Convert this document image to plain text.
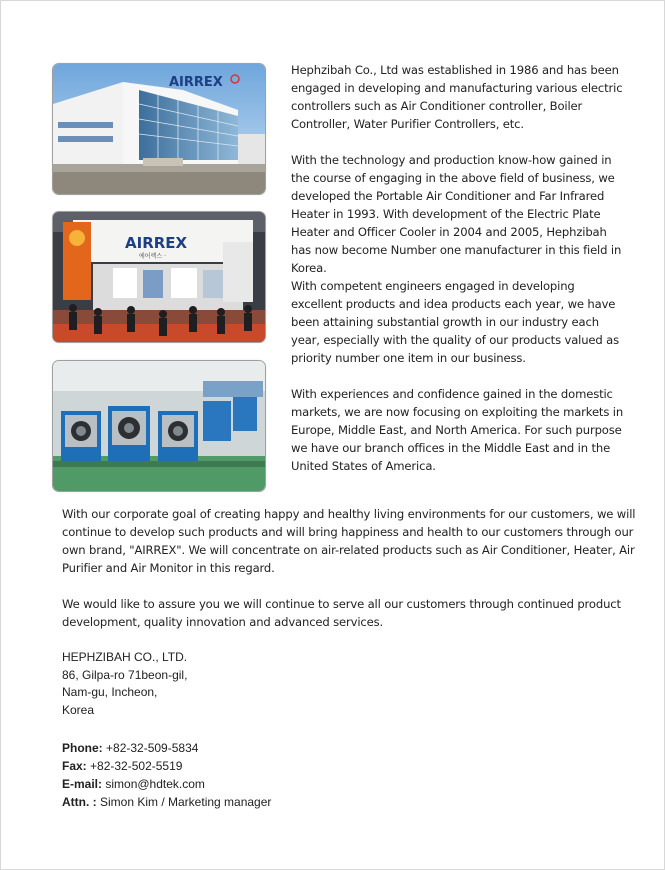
AIRREX
AIRREX
에어렉스 ·

Hephzibah Co., Ltd was established in 1986 and has been engaged in developing and manufacturing various electric controllers such as Air Conditioner controller, Boiler Controller, Water Purifier Controllers, etc.

With the technology and production know-how gained in the course of engaging in the above field of business, we developed the Portable Air Conditioner and Far Infrared Heater in 1993. With development of the Electric Plate Heater and Officer Cooler in 2004 and 2005, Hephzibah has now become Number one manufacturer in this field in Korea.

With competent engineers engaged in developing excellent products and idea products each year, we have been attaining substantial growth in our industry each year, especially with the quality of our products valued as priority number one item in our business.

With experiences and confidence gained in the domestic markets, we are now focusing on exploiting the markets in Europe, Middle East, and North America. For such purpose we have our branch offices in the Middle East and in the United States of America.

With our corporate goal of creating happy and healthy living environments for our customers, we will continue to develop such products and will bring happiness and health to our customers through our own brand, "AIRREX". We will concentrate on air-related products such as Air Conditioner, Heater, Air Purifier and Air Monitor in this regard.

We would like to assure you we will continue to serve all our customers through continued product development, quality innovation and advanced services.

HEPHZIBAH CO., LTD.
86, Gilpa-ro 71beon-gil,
Nam-gu, Incheon,
Korea
Phone: +82-32-509-5834
Fax: +82-32-502-5519
E-mail: simon@hdtek.com
Attn. : Simon Kim / Marketing manager
